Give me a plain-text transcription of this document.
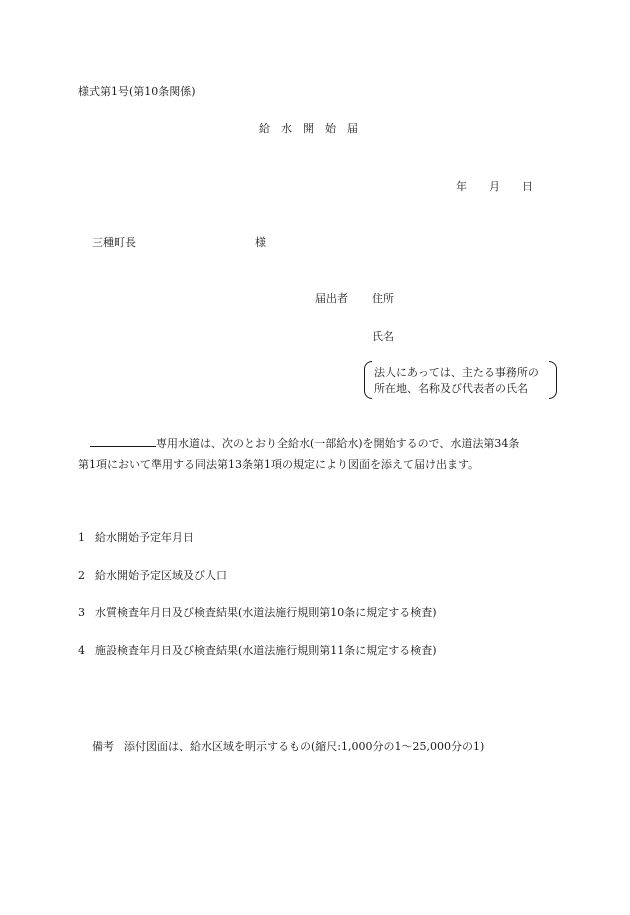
様式第1号(第10条関係)
給　水　開　始　届
年　　月　　日
三種町長	様
届出者 住所
氏名
法人にあっては、主たる事務所の
所在地、名称及び代表者の氏名
専用水道は、次のとおり全給水(一部給水)を開始するので、水道法第34条
第1項において準用する同法第13条第1項の規定により図面を添えて届け出ます。
1 給水開始予定年月日
2 給水開始予定区域及び人口
3 水質検査年月日及び検査結果(水道法施行規則第10条に規定する検査)
4 施設検査年月日及び検査結果(水道法施行規則第11条に規定する検査)
備考 添付図面は、給水区域を明示するもの(縮尺:1,000分の1〜25,000分の1)
